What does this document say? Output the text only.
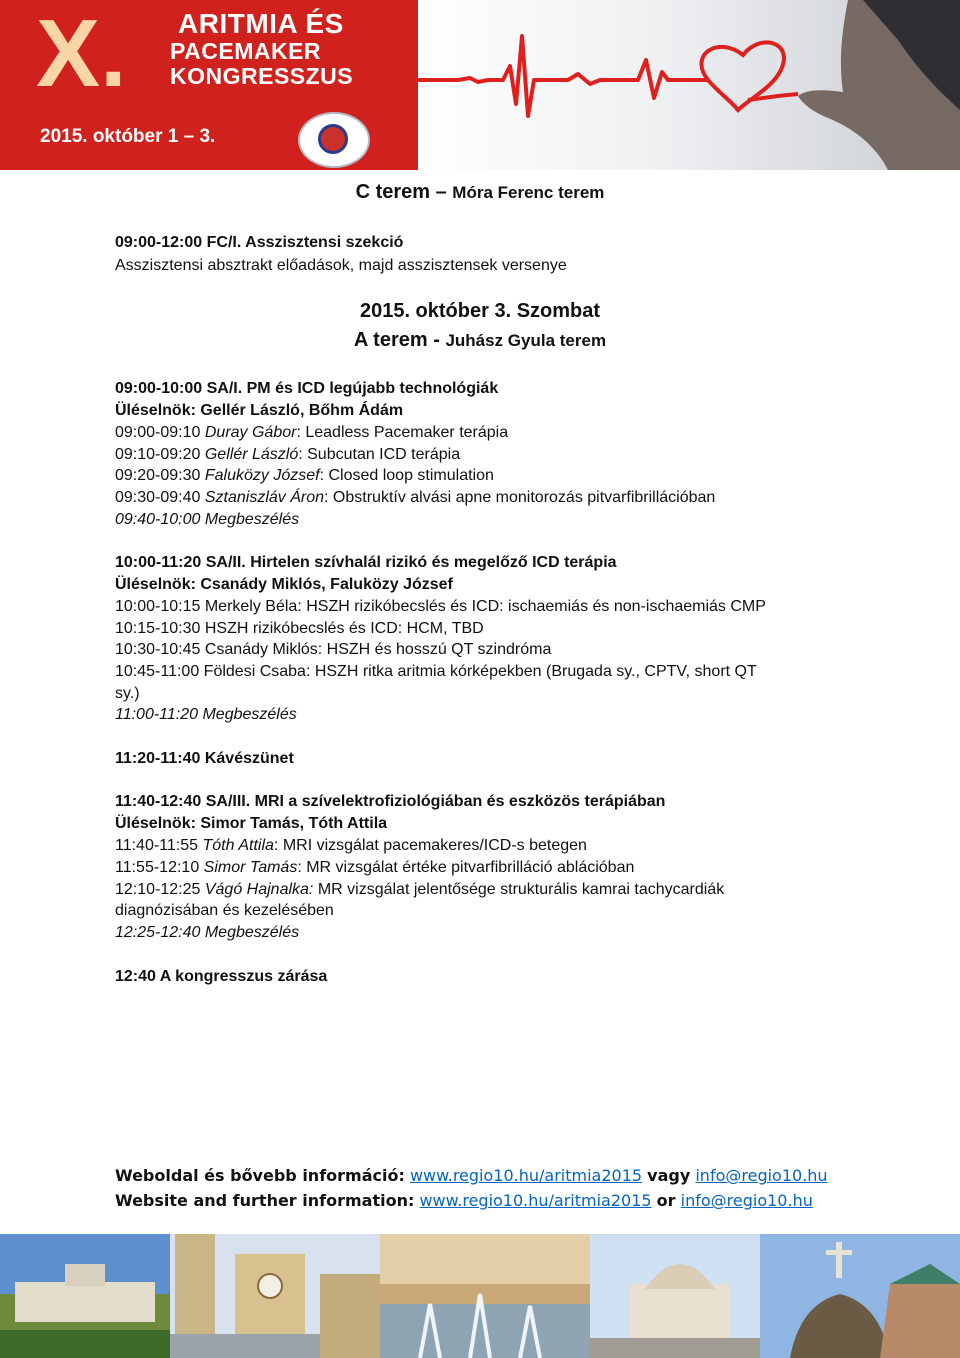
X. ARITMIA ÉS
PACEMAKER
KONGRESSZUS
2015. október 1 – 3.
C terem – Móra Ferenc terem
09:00-12:00 FC/I. Asszisztensi szekció
Asszisztensi absztrakt előadások, majd asszisztensek versenye
2015. október 3. Szombat
A terem - Juhász Gyula terem
09:00-10:00 SA/I. PM és ICD legújabb technológiák
Üléselnök: Gellér László, Bőhm Ádám
09:00-09:10 Duray Gábor: Leadless Pacemaker terápia
09:10-09:20 Gellér László: Subcutan ICD terápia
09:20-09:30 Faluközy József: Closed loop stimulation
09:30-09:40 Sztaniszláv Áron: Obstruktív alvási apne monitorozás pitvarfibrillációban
09:40-10:00 Megbeszélés
10:00-11:20 SA/II. Hirtelen szívhalál rizikó és megelőző ICD terápia
Üléselnök: Csanády Miklós, Faluközy József
10:00-10:15 Merkely Béla: HSZH rizikóbecslés és ICD: ischaemiás és non-ischaemiás CMP
10:15-10:30 HSZH rizikóbecslés és ICD: HCM, TBD
10:30-10:45 Csanády Miklós: HSZH és hosszú QT szindróma
10:45-11:00 Földesi Csaba: HSZH ritka aritmia kórképekben (Brugada sy., CPTV, short QT
sy.)
11:00-11:20 Megbeszélés
11:20-11:40 Kávészünet
11:40-12:40 SA/III. MRI a szívelektrofiziológiában és eszközös terápiában
Üléselnök: Simor Tamás, Tóth Attila
11:40-11:55 Tóth Attila: MRI vizsgálat pacemakeres/ICD-s betegen
11:55-12:10 Simor Tamás: MR vizsgálat értéke pitvarfibrilláció ablációban
12:10-12:25 Vágó Hajnalka: MR vizsgálat jelentősége strukturális kamrai tachycardiák
diagnózisában és kezelésében
12:25-12:40 Megbeszélés
12:40 A kongresszus zárása
Weboldal és bővebb információ: www.regio10.hu/aritmia2015 vagy info@regio10.hu
Website and further information: www.regio10.hu/aritmia2015 or info@regio10.hu
